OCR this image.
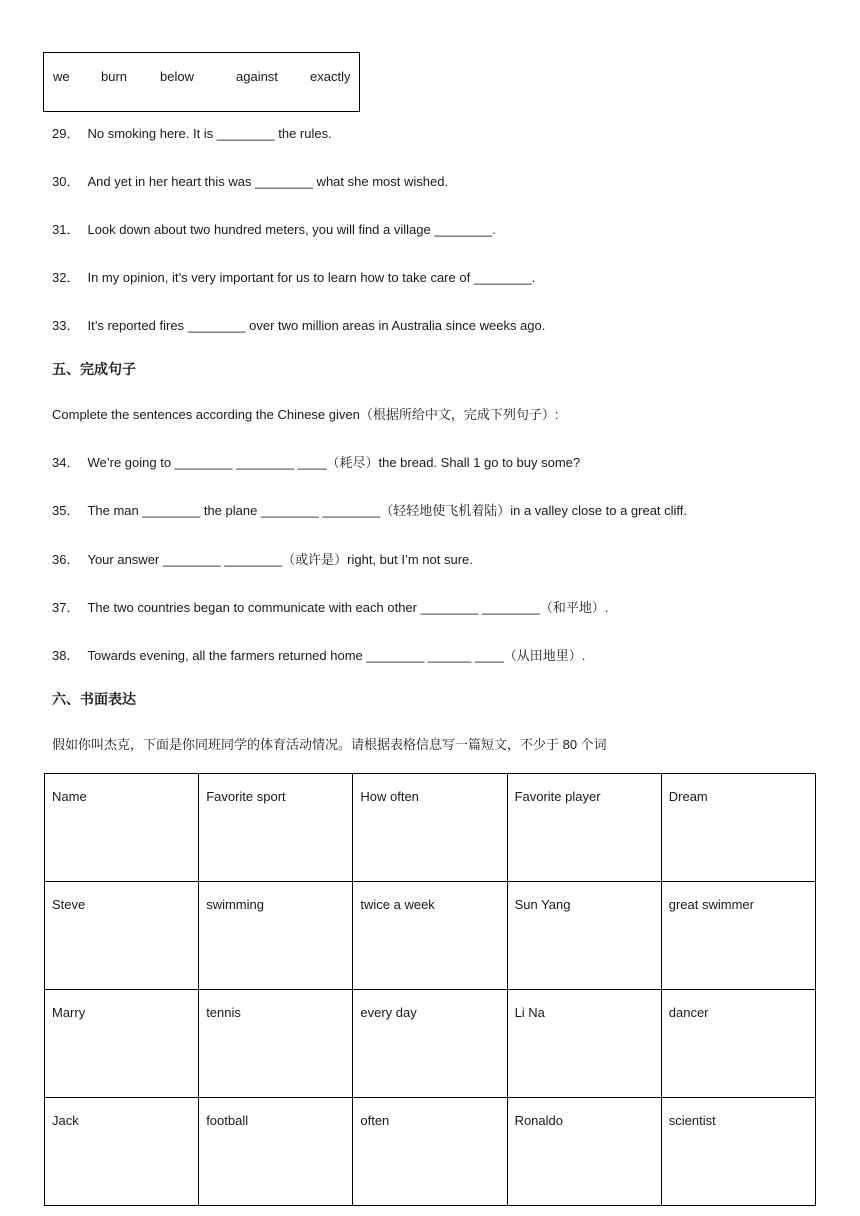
we burn	below	against exactly
29． No smoking here. It is ________ the rules.
30． And yet in her heart this was ________ what she most wished.
31． Look down about two hundred meters, you will find a village ________.
32． In my opinion, it’s very important for us to learn how to take care of ________.
33． It’s reported fires ________ over two million areas in Australia since weeks ago.
五、完成句子
Complete the sentences according the Chinese given（根据所给中文，完成下列句子）:
34． We’re going to ________ ________ ____（耗尽）the bread. Shall 1 go to buy some?
35． The man ________ the plane ________ ________（轻轻地使飞机着陆）in a valley close to a great cliff.
36． Your answer ________ ________（或许是）right, but I’m not sure.
37． The two countries began to communicate with each other ________ ________（和平地）.
38． Towards evening, all the farmers returned home ________ ______ ____（从田地里）.
六、书面表达
假如你叫杰克，下面是你同班同学的体育活动情况。请根据表格信息写一篇短文，不少于 80 个词
Name	Favorite sport	How often	Favorite player	Dream
Steve	swimming	twice a week	Sun Yang	great swimmer
Marry	tennis	every day	Li Na	dancer
Jack	football	often	Ronaldo	scientist
